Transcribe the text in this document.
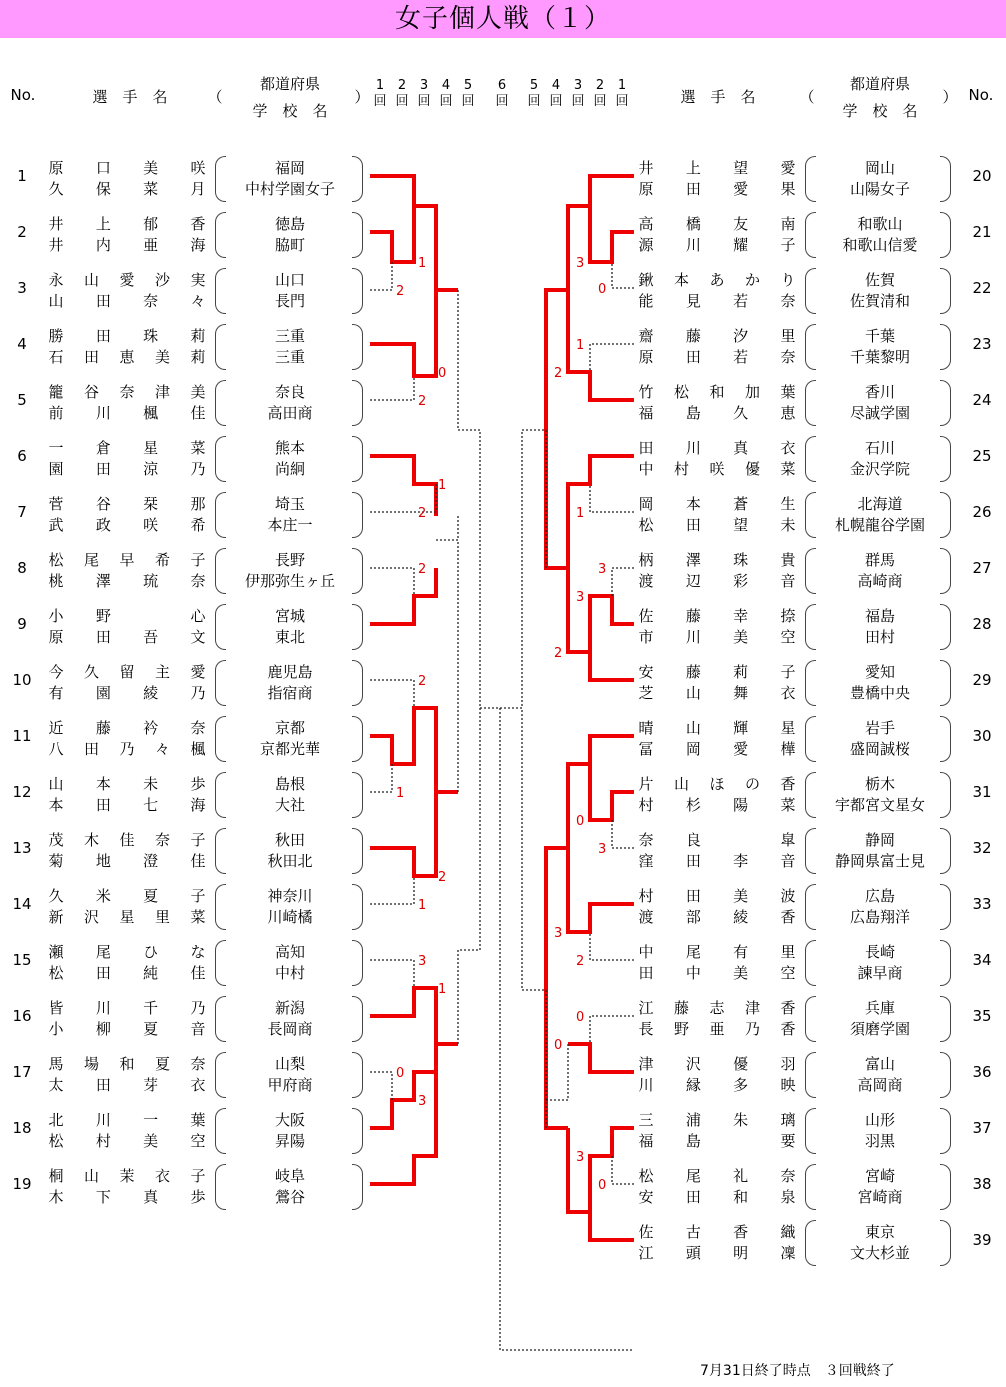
女子個人戦（１）
No.	選　手　名	（
都道府県
学　校　名
）	選　手　名	（
都道府県
学　校　名
） No.
1 2 3 4 5 6 5 4 3 2 1
回 回 回 回 回 回 回 回 回 回 回
1	原 口 美 咲
久 保 菜 月
福岡
中村学園女子
2	井 上 郁 香
井 内 亜 海
徳島
脇町
3	永 山 愛 沙 実
山 田 奈 々
山口
長門
4	勝 田 珠 莉
石 田 恵 美 莉
三重
三重
5	籠 谷 奈 津 美
前 川 楓 佳
奈良
高田商
6	一 倉 星 菜
園 田 涼 乃
熊本
尚絅
7	菅 谷 栞 那
武 政 咲 希
埼玉
本庄一
8	松 尾 早 希 子
桃 澤 琉 奈
長野
伊那弥生ヶ丘
9	小 野	心
原 田 吾 文
宮城
東北
10	今 久 留 主 愛
有 園 綾 乃
鹿児島
指宿商
11	近 藤 衿 奈
八 田 乃 々 楓
京都
京都光華
12	山 本 未 歩
本 田 七 海
島根
大社
13	茂 木 佳 奈 子
菊 地 澄 佳
秋田
秋田北
14	久 米 夏 子
新 沢 星 里 菜
神奈川
川崎橘
15	瀬 尾 ひ な
松 田 純 佳
高知
中村
16	皆 川 千 乃
小 柳 夏 音
新潟
長岡商
17	馬 場 和 夏 奈
太 田 芽 衣
山梨
甲府商
18	北 川 一 葉
松 村 美 空
大阪
昇陽
19	桐 山 茉 衣 子
木 下 真 歩
岐阜
鶯谷
20
井 上 望 愛
原 田 愛 果
岡山
山陽女子
21
高 橋 友 南
源 川 耀 子
和歌山
和歌山信愛
22
鍬 本 あ か り
能 見 若 奈
佐賀
佐賀清和
23
齋 藤 汐 里
原 田 若 奈
千葉
千葉黎明
24
竹 松 和 加 葉
福 島 久 恵
香川
尽誠学園
25
田 川 真 衣
中 村 咲 優 菜
石川
金沢学院
26
岡 本 蒼 生
松 田 望 未
北海道
札幌龍谷学園
27
柄 澤 珠 貴
渡 辺 彩 音
群馬
高崎商
28
佐 藤 幸 捺
市 川 美 空
福島
田村
29
安 藤 莉 子
芝 山 舞 衣
愛知
豊橋中央
30
晴 山 輝 星
冨 岡 愛 樺
岩手
盛岡誠桜
31
片 山 ほ の 香
村 杉 陽 菜
栃木
宇都宮文星女
32
奈 良	皐
窪 田 李 音
静岡
静岡県富士見
33
村 田 美 波
渡 部 綾 香
広島
広島翔洋
34
中 尾 有 里
田 中 美 空
長崎
諫早商
35
江 藤 志 津 香
長 野 亜 乃 香
兵庫
須磨学園
36
津 沢 優 羽
川 縁 多 映
富山
高岡商
37
三 浦 朱 璃
福 島	要
山形
羽黒
38
松 尾 礼 奈
安 田 和 泉
宮崎
宮崎商
39
佐 古 香 織
江 頭 明 凜
東京
文大杉並
1
2
0
2
1
2
2
2
1
2
1
3
1
0
3
3
0
1
2
1
3
3
2
0
3
3
2
0
0
3
0
7月31日終了時点　３回戦終了
